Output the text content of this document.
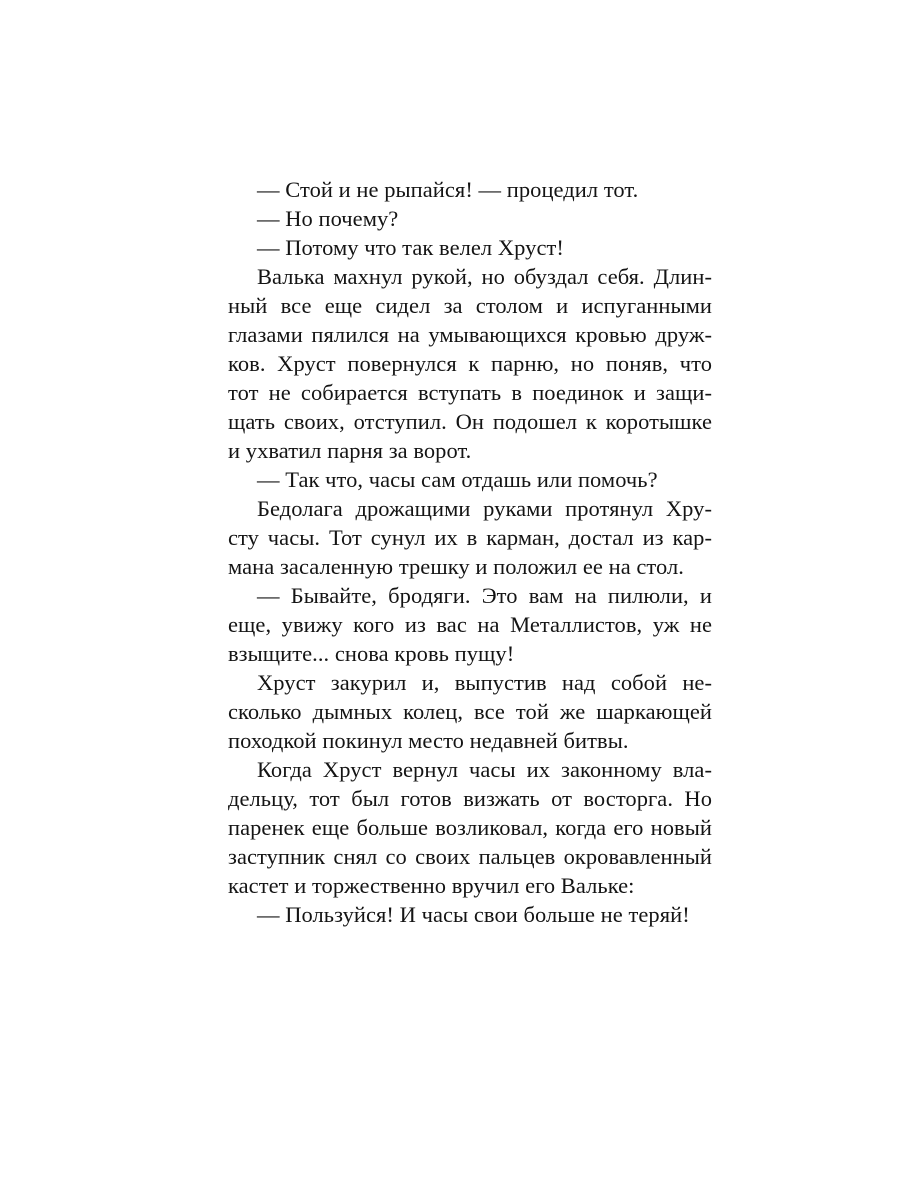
— Стой и не рыпайся! — процедил тот.
— Но почему?
— Потому что так велел Хруст!
Валька махнул рукой, но обуздал себя. Длин-
ный все еще сидел за столом и испуганными
глазами пялился на умывающихся кровью друж-
ков. Хруст повернулся к парню, но поняв, что
тот не собирается вступать в поединок и защи-
щать своих, отступил. Он подошел к коротышке
и ухватил парня за ворот.
— Так что, часы сам отдашь или помочь?
Бедолага дрожащими руками протянул Хру-
сту часы. Тот сунул их в карман, достал из кар-
мана засаленную трешку и положил ее на стол.
— Бывайте, бродяги. Это вам на пилюли, и
еще, увижу кого из вас на Металлистов, уж не
взыщите... снова кровь пущу!
Хруст закурил и, выпустив над собой не-
сколько дымных колец, все той же шаркающей
походкой покинул место недавней битвы.
Когда Хруст вернул часы их законному вла-
дельцу, тот был готов визжать от восторга. Но
паренек еще больше возликовал, когда его новый
заступник снял со своих пальцев окровавленный
кастет и торжественно вручил его Вальке:
— Пользуйся! И часы свои больше не теряй!
